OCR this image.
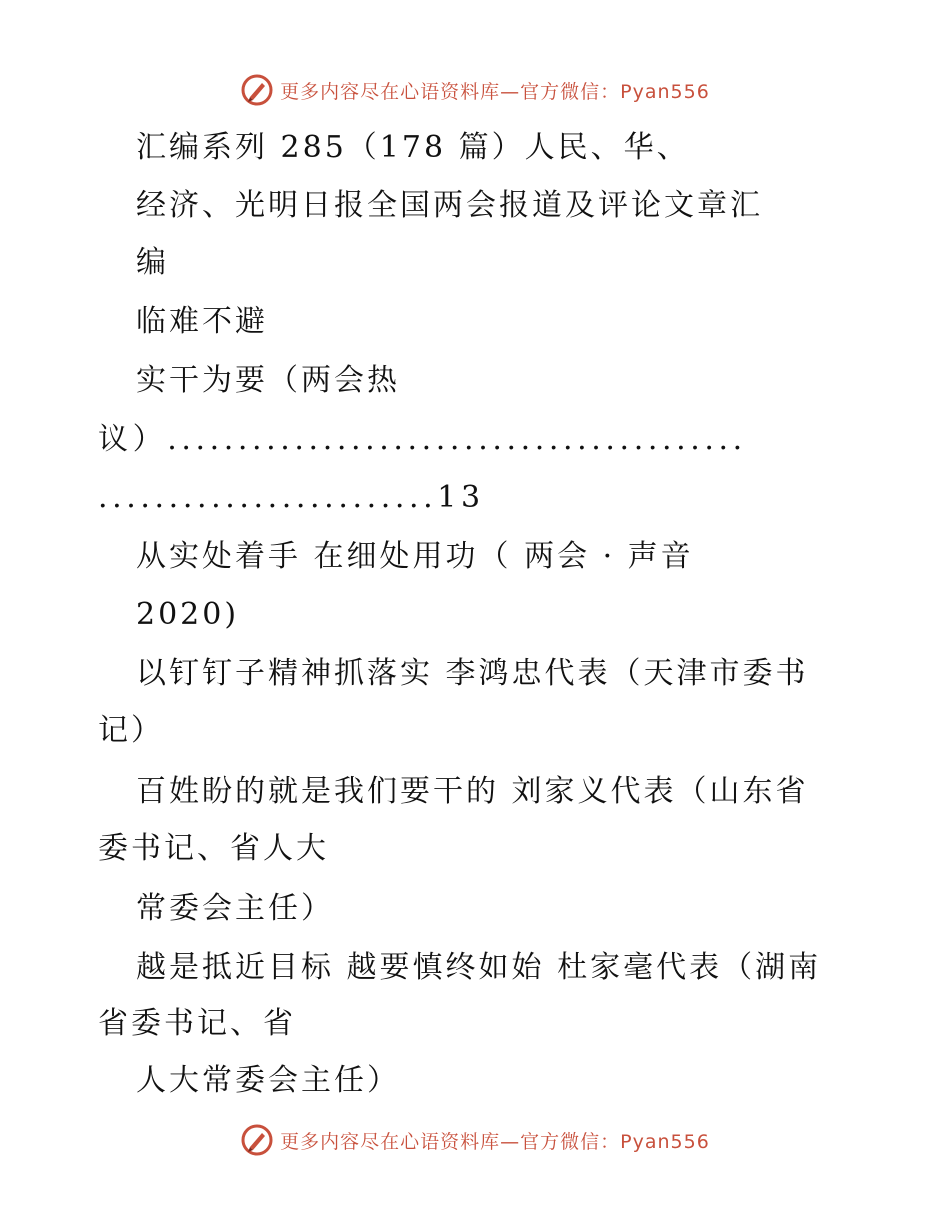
更多内容尽在心语资料库—官方微信：Pyan556
汇编系列 285（178 篇）人民、华、
经济、光明日报全国两会报道及评论文章汇
编
临难不避
实干为要（两会热
议）.........................................
........................13
从实处着手 在细处用功（ 两会 · 声音
2020)
以钉钉子精神抓落实 李鸿忠代表（天津市委书
记）
百姓盼的就是我们要干的 刘家义代表（山东省
委书记、省人大
常委会主任）
越是抵近目标 越要慎终如始 杜家毫代表（湖南
省委书记、省
人大常委会主任）
更多内容尽在心语资料库—官方微信：Pyan556
